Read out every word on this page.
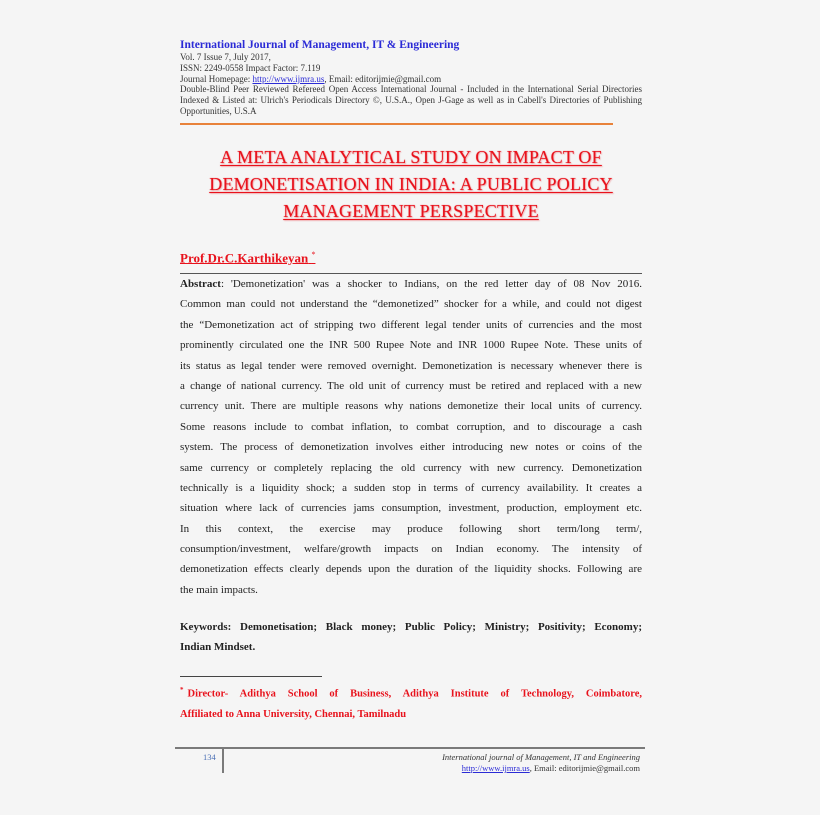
International Journal of Management, IT & Engineering
Vol. 7 Issue 7, July 2017,
ISSN: 2249-0558 Impact Factor: 7.119
Journal Homepage: http://www.ijmra.us, Email: editorijmie@gmail.com
Double-Blind Peer Reviewed Refereed Open Access International Journal - Included in the International Serial Directories Indexed & Listed at: Ulrich's Periodicals Directory ©, U.S.A., Open J-Gage as well as in Cabell's Directories of Publishing Opportunities, U.S.A
A META ANALYTICAL STUDY ON IMPACT OF
DEMONETISATION IN INDIA: A PUBLIC POLICY
MANAGEMENT PERSPECTIVE
Prof.Dr.C.Karthikeyan *
Abstract: 'Demonetization' was a shocker to Indians, on the red letter day of 08 Nov 2016.
Common man could not understand the “demonetized” shocker for a while, and could not digest
the “Demonetization act of stripping two different legal tender units of currencies and the most
prominently circulated one the INR 500 Rupee Note and INR 1000 Rupee Note. These units of
its status as legal tender were removed overnight. Demonetization is necessary whenever there is
a change of national currency. The old unit of currency must be retired and replaced with a new
currency unit. There are multiple reasons why nations demonetize their local units of currency.
Some reasons include to combat inflation, to combat corruption, and to discourage a cash
system. The process of demonetization involves either introducing new notes or coins of the
same currency or completely replacing the old currency with new currency. Demonetization
technically is a liquidity shock; a sudden stop in terms of currency availability. It creates a
situation where lack of currencies jams consumption, investment, production, employment etc.
In this context, the exercise may produce following short term/long term/,
consumption/investment, welfare/growth impacts on Indian economy. The intensity of
demonetization effects clearly depends upon the duration of the liquidity shocks. Following are
the main impacts.
Keywords: Demonetisation; Black money; Public Policy; Ministry; Positivity; Economy;
Indian Mindset.
* Director- Adithya School of Business, Adithya Institute of Technology, Coimbatore,
Affiliated to Anna University, Chennai, Tamilnadu
134	International journal of Management, IT and Engineering
http://www.ijmra.us, Email: editorijmie@gmail.com
